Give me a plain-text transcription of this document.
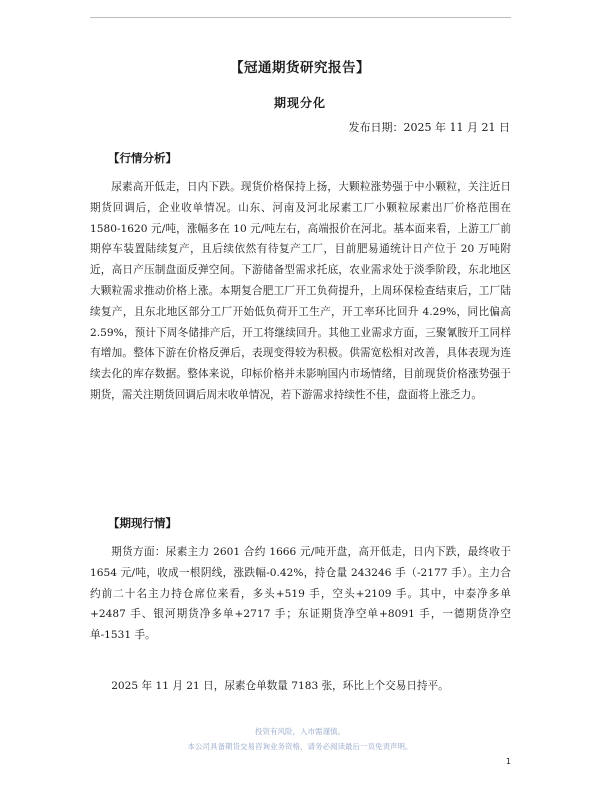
【冠通期货研究报告】
期现分化
发布日期：2025 年 11 月 21 日
【行情分析】

尿素高开低走，日内下跌。现货价格保持上扬，大颗粒涨势强于中小颗粒，关注近日期货回调后，企业收单情况。山东、河南及河北尿素工厂小颗粒尿素出厂价格范围在 1580-1620 元/吨，涨幅多在 10 元/吨左右，高端报价在河北。基本面来看，上游工厂前期停车装置陆续复产，且后续依然有待复产工厂，目前肥易通统计日产位于 20 万吨附近，高日产压制盘面反弹空间。下游储备型需求托底，农业需求处于淡季阶段，东北地区大颗粒需求推动价格上涨。本期复合肥工厂开工负荷提升，上周环保检查结束后，工厂陆续复产，且东北地区部分工厂开始低负荷开工生产，开工率环比回升 4.29%，同比偏高 2.59%，预计下周冬储排产后，开工将继续回升。其他工业需求方面，三聚氰胺开工同样有增加。整体下游在价格反弹后，表现变得较为积极。供需宽松相对改善，具体表现为连续去化的库存数据。整体来说，印标价格并未影响国内市场情绪，目前现货价格涨势强于期货，需关注期货回调后周末收单情况，若下游需求持续性不佳，盘面将上涨乏力。

【期现行情】

期货方面：尿素主力 2601 合约 1666 元/吨开盘，高开低走，日内下跌，最终收于 1654 元/吨，收成一根阴线，涨跌幅-0.42%，持仓量 243246 手（-2177 手）。主力合约前二十名主力持仓席位来看，多头+519 手，空头+2109 手。其中，中泰净多单+2487 手、银河期货净多单+2717 手；东证期货净空单+8091 手，一德期货净空单-1531 手。

2025 年 11 月 21 日，尿素仓单数量 7183 张，环比上个交易日持平。

投资有风险，入市需谨慎。
本公司具备期货交易咨询业务资格，请务必阅读最后一页免责声明。
1
